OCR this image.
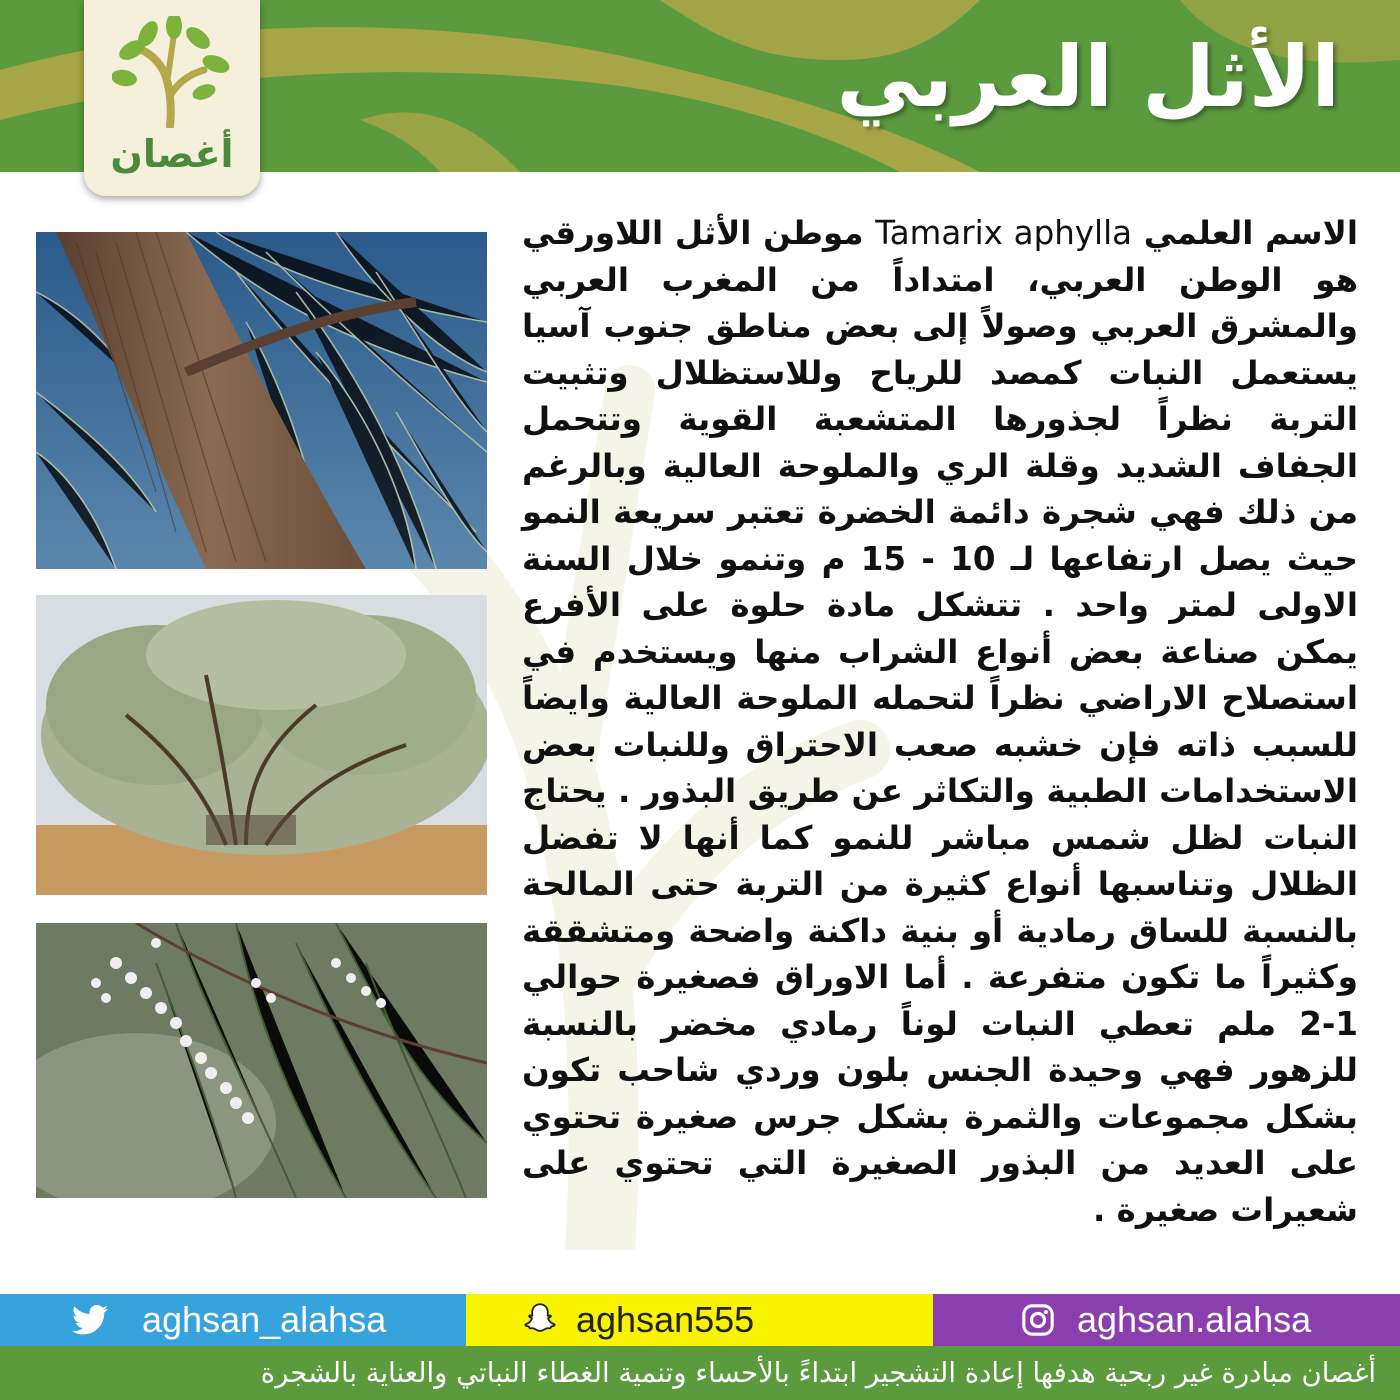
الأثل العربي
أغصان
الاسم العلمي Tamarix aphylla موطن الأثل اللاورقي هو الوطن العربي، امتداداً من المغرب العربي والمشرق العربي وصولاً إلى بعض مناطق جنوب آسيا يستعمل النبات كمصد للرياح وللاستظلال وتثبيت التربة نظراً لجذورها المتشعبة القوية وتتحمل الجفاف الشديد وقلة الري والملوحة العالية وبالرغم من ذلك فهي شجرة دائمة الخضرة تعتبر سريعة النمو حيث يصل ارتفاعها لـ 10 - 15 م وتنمو خلال السنة الاولى لمتر واحد . تتشكل مادة حلوة على الأفرع يمكن صناعة بعض أنواع الشراب منها ويستخدم في استصلاح الاراضي نظراً لتحمله الملوحة العالية وايضاً للسبب ذاته فإن خشبه صعب الاحتراق وللنبات بعض الاستخدامات الطبية والتكاثر عن طريق البذور . يحتاج النبات لظل شمس مباشر للنمو كما أنها لا تفضل الظلال وتناسبها أنواع كثيرة من التربة حتى المالحة بالنسبة للساق رمادية أو بنية داكنة واضحة ومتشققة وكثيراً ما تكون متفرعة . أما الاوراق فصغيرة حوالي 1-2 ملم تعطي النبات لوناً رمادي مخضر بالنسبة للزهور فهي وحيدة الجنس بلون وردي شاحب تكون بشكل مجموعات والثمرة بشكل جرس صغيرة تحتوي على العديد من البذور الصغيرة التي تحتوي على شعيرات صغيرة .
aghsan_alahsa	aghsan555	aghsan.alahsa
أغصان مبادرة غير ربحية هدفها إعادة التشجير ابتداءً بالأحساء وتنمية الغطاء النباتي والعناية بالشجرة
